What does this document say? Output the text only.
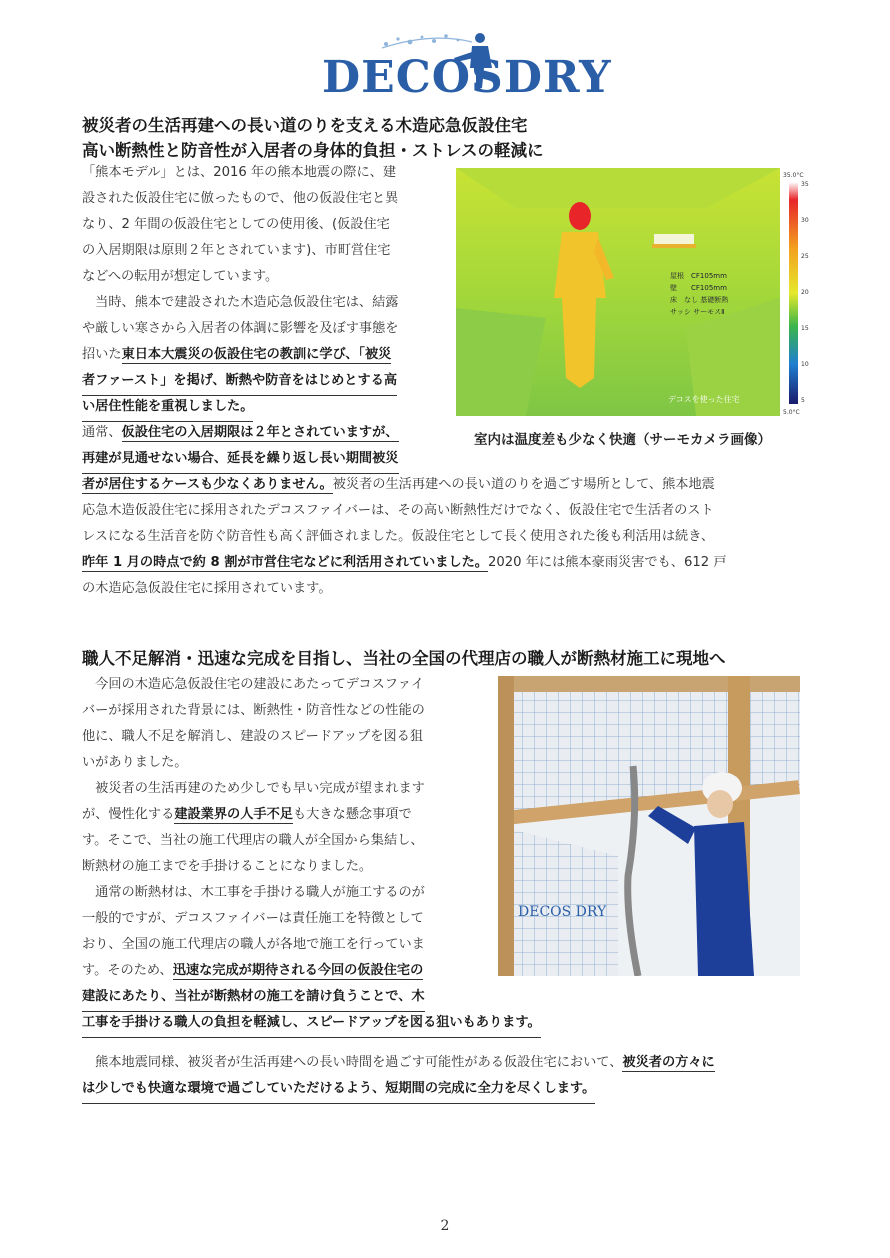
DECOSDRY
被災者の生活再建への長い道のりを支える木造応急仮設住宅
高い断熱性と防音性が入居者の身体的負担・ストレスの軽減に
「熊本モデル」とは、2016 年の熊本地震の際に、建
設された仮設住宅に倣ったもので、他の仮設住宅と異
なり、2 年間の仮設住宅としての使用後、(仮設住宅
の入居期限は原則２年とされています)、市町営住宅
などへの転用が想定しています。
　当時、熊本で建設された木造応急仮設住宅は、結露
や厳しい寒さから入居者の体調に影響を及ぼす事態を
招いた東日本大震災の仮設住宅の教訓に学び、「被災
者ファースト」を掲げ、断熱や防音をはじめとする高
い居住性能を重視しました。
通常、仮設住宅の入居期限は２年とされていますが、
再建が見通せない場合、延長を繰り返し長い期間被災
者が居住するケースも少なくありません。被災者の生活再建への長い道のりを過ごす場所として、熊本地震
応急木造仮設住宅に採用されたデコスファイバーは、その高い断熱性だけでなく、仮設住宅で生活者のスト
レスになる生活音を防ぐ防音性も高く評価されました。仮設住宅として長く使用された後も利活用は続き、
昨年 1 月の時点で約 8 割が市営住宅などに利活用されていました。2020 年には熊本豪雨災害でも、612 戸
の木造応急仮設住宅に採用されています。
屋根　CF105mm
壁　　CF105mm
床　なし 基礎断熱
サッシ サーモスⅡ
デコスを使った住宅
35.0°C
5.0°C
35
30
25
20
15
10
5
室内は温度差も少なく快適（サーモカメラ画像）
職人不足解消・迅速な完成を目指し、当社の全国の代理店の職人が断熱材施工に現地へ
　今回の木造応急仮設住宅の建設にあたってデコスファイ
バーが採用された背景には、断熱性・防音性などの性能の
他に、職人不足を解消し、建設のスピードアップを図る狙
いがありました。
　被災者の生活再建のため少しでも早い完成が望まれます
が、慢性化する建設業界の人手不足も大きな懸念事項で
す。そこで、当社の施工代理店の職人が全国から集結し、
断熱材の施工までを手掛けることになりました。
　通常の断熱材は、木工事を手掛ける職人が施工するのが
一般的ですが、デコスファイバーは責任施工を特徴として
おり、全国の施工代理店の職人が各地で施工を行っていま
す。そのため、迅速な完成が期待される今回の仮設住宅の
建設にあたり、当社が断熱材の施工を請け負うことで、木
工事を手掛ける職人の負担を軽減し、スピードアップを図る狙いもあります。
DECOS DRY
　熊本地震同様、被災者が生活再建への長い時間を過ごす可能性がある仮設住宅において、被災者の方々に
は少しでも快適な環境で過ごしていただけるよう、短期間の完成に全力を尽くします。
2
